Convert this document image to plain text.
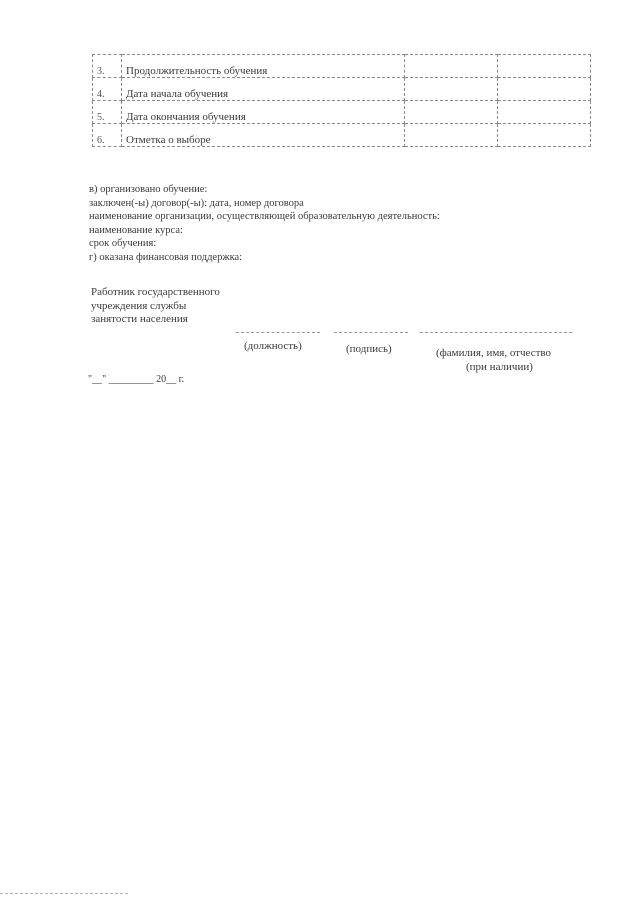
3.	Продолжительность обучения		
4.	Дата начала обучения		
5.	Дата окончания обучения		
6.	Отметка о выборе		
в) организовано обучение:
заключен(-ы) договор(-ы): дата, номер договора
наименование организации, осуществляющей образовательную деятельность:
наименование курса:
срок обучения:
г) оказана финансовая поддержка:
Работник государственного
учреждения службы
занятости населения
(должность)	(подпись)	(фамилия, имя, отчество
(при наличии)
"__" _________ 20__ г.
